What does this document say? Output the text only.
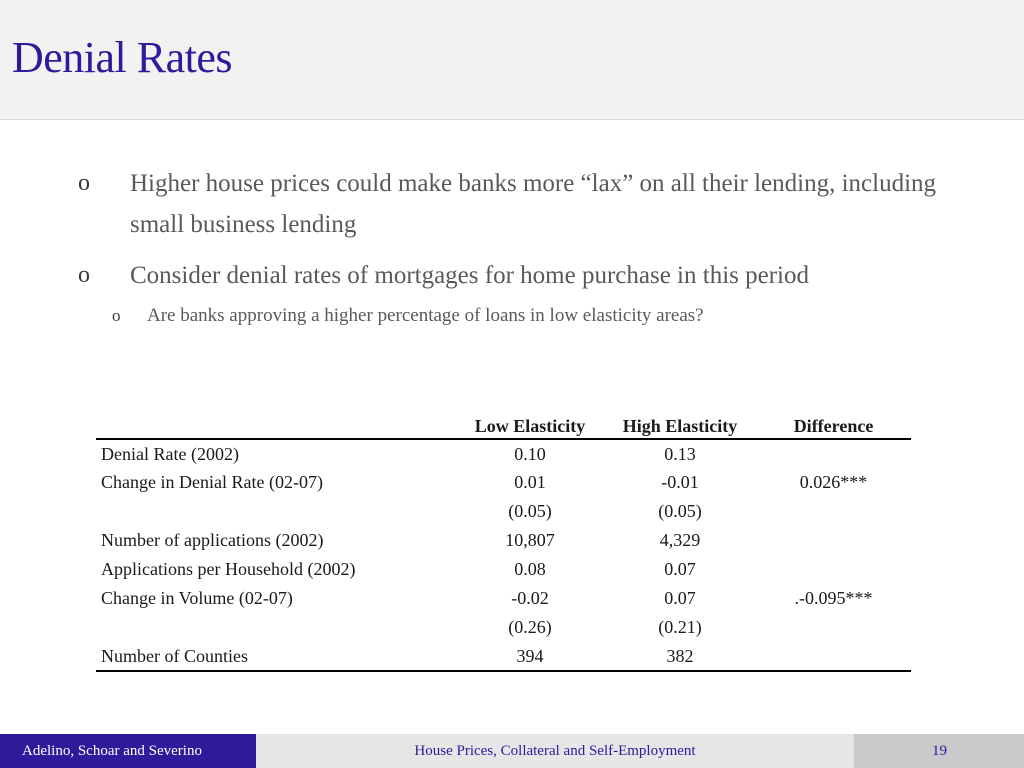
Denial Rates
o Higher house prices could make banks more “lax” on all their lending, including small business lending
o Consider denial rates of mortgages for home purchase in this period
o Are banks approving a higher percentage of loans in low elasticity areas?
	Low Elasticity	High Elasticity	Difference
Denial Rate (2002)	0.10	0.13	
Change in Denial Rate (02-07)	0.01	-0.01	0.026***
	(0.05)	(0.05)	
Number of applications (2002)	10,807	4,329	
Applications per Household (2002)	0.08	0.07	
Change in Volume (02-07)	-0.02	0.07	.-0.095***
	(0.26)	(0.21)	
Number of Counties	394	382	
Adelino, Schoar and Severino	House Prices, Collateral and Self-Employment	19
